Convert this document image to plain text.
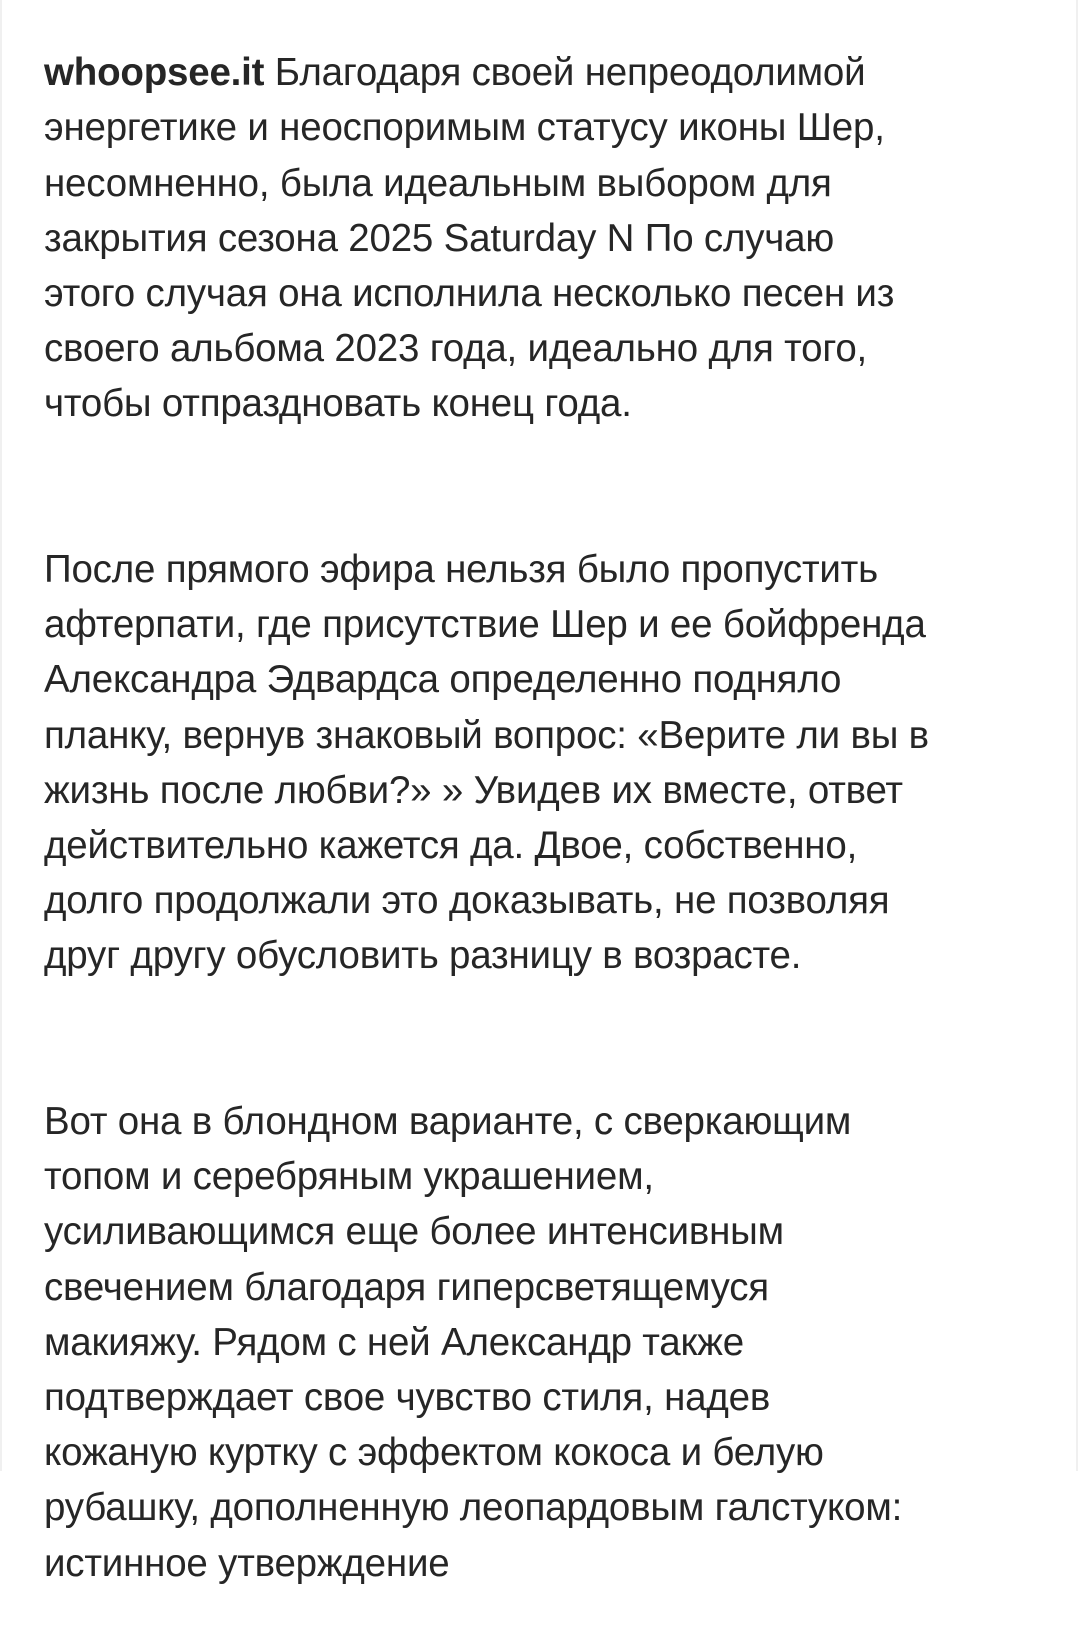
whoopsee.it Благодаря своей непреодолимой
энергетике и неоспоримым статусу иконы Шер,
несомненно, была идеальным выбором для
закрытия сезона 2025 Saturday N По случаю
этого случая она исполнила несколько песен из
своего альбома 2023 года, идеально для того,
чтобы отпраздновать конец года.

После прямого эфира нельзя было пропустить
афтерпати, где присутствие Шер и ее бойфренда
Александра Эдвардса определенно подняло
планку, вернув знаковый вопрос: «Верите ли вы в
жизнь после любви?» » Увидев их вместе, ответ
действительно кажется да. Двое, собственно,
долго продолжали это доказывать, не позволяя
друг другу обусловить разницу в возрасте.

Вот она в блондном варианте, с сверкающим
топом и серебряным украшением,
усиливающимся еще более интенсивным
свечением благодаря гиперсветящемуся
макияжу. Рядом с ней Александр также
подтверждает свое чувство стиля, надев
кожаную куртку с эффектом кокоса и белую
рубашку, дополненную леопардовым галстуком:
истинное утверждение
